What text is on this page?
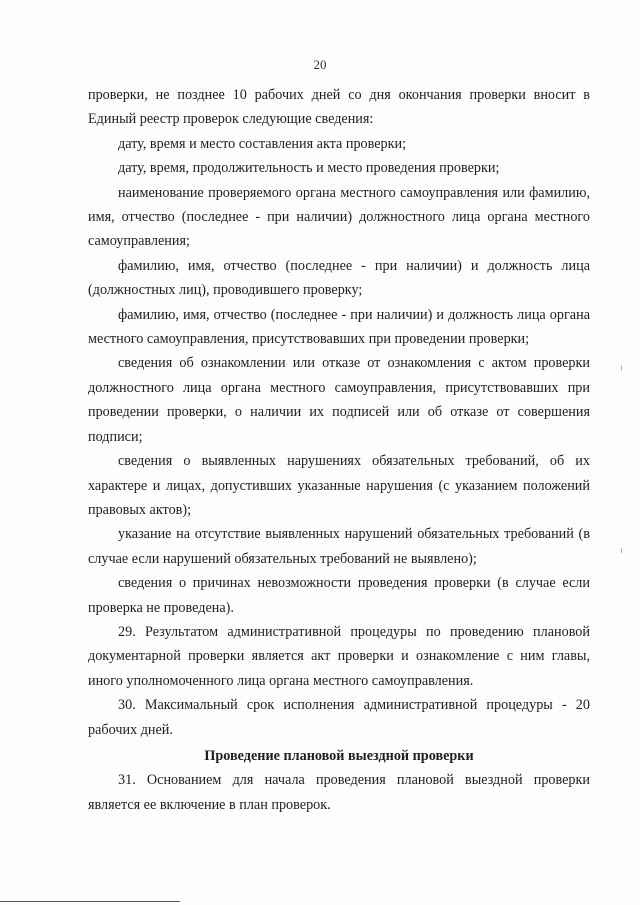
20

проверки, не позднее 10 рабочих дней со дня окончания проверки вносит в Единый реестр проверок следующие сведения:

дату, время и место составления акта проверки;

дату, время, продолжительность и место проведения проверки;

наименование проверяемого органа местного самоуправления или фамилию, имя, отчество (последнее - при наличии) должностного лица органа местного самоуправления;

фамилию, имя, отчество (последнее - при наличии) и должность лица (должностных лиц), проводившего проверку;

фамилию, имя, отчество (последнее - при наличии) и должность лица органа местного самоуправления, присутствовавших при проведении проверки;

сведения об ознакомлении или отказе от ознакомления с актом проверки должностного лица органа местного самоуправления, присутствовавших при проведении проверки, о наличии их подписей или об отказе от совершения подписи;

сведения о выявленных нарушениях обязательных требований, об их характере и лицах, допустивших указанные нарушения (с указанием положений правовых актов);

указание на отсутствие выявленных нарушений обязательных требований (в случае если нарушений обязательных требований не выявлено);

сведения о причинах невозможности проведения проверки (в случае если проверка не проведена).

29. Результатом административной процедуры по проведению плановой документарной проверки является акт проверки и ознакомление с ним главы, иного уполномоченного лица органа местного самоуправления.

30. Максимальный срок исполнения административной процедуры - 20 рабочих дней.

Проведение плановой выездной проверки

31. Основанием для начала проведения плановой выездной проверки является ее включение в план проверок.
